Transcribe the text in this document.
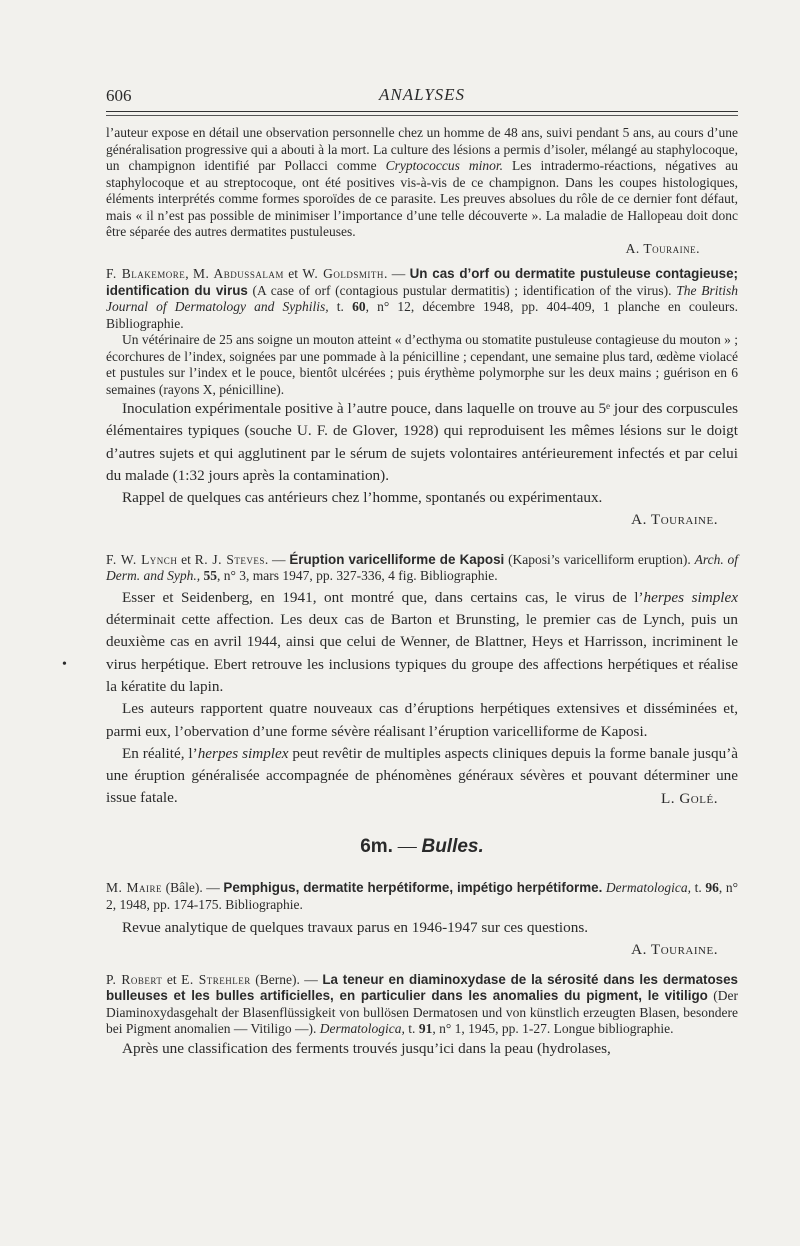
606	ANALYSES
•

l’auteur expose en détail une observation personnelle chez un homme de 48 ans, suivi pendant 5 ans, au cours d’une généralisation progressive qui a abouti à la mort. La culture des lésions a permis d’isoler, mélangé au staphylocoque, un champignon identifié par Pollacci comme Cryptococcus minor. Les intradermo-réactions, négatives au staphylocoque et au streptocoque, ont été positives vis-à-vis de ce champignon. Dans les coupes histologiques, éléments interprétés comme formes sporoïdes de ce parasite. Les preuves absolues du rôle de ce dernier font défaut, mais « il n’est pas possible de minimiser l’importance d’une telle découverte ». La maladie de Hallopeau doit donc être séparée des autres dermatites pustuleuses.

A. Touraine.

F. Blakemore, M. Abdussalam et W. Goldsmith. — Un cas d’orf ou dermatite pustuleuse contagieuse; identification du virus (A case of orf (contagious pustular dermatitis) ; identification of the virus). The British Journal of Dermatology and Syphilis, t. 60, n° 12, décembre 1948, pp. 404-409, 1 planche en couleurs. Bibliographie.

Un vétérinaire de 25 ans soigne un mouton atteint « d’ecthyma ou stomatite pustuleuse contagieuse du mouton » ; écorchures de l’index, soignées par une pommade à la pénicilline ; cependant, une semaine plus tard, œdème violacé et pustules sur l’index et le pouce, bientôt ulcérées ; puis érythème polymorphe sur les deux mains ; guérison en 6 semaines (rayons X, pénicilline).

Inoculation expérimentale positive à l’autre pouce, dans laquelle on trouve au 5ᵉ jour des corpuscules élémentaires typiques (souche U. F. de Glover, 1928) qui reproduisent les mêmes lésions sur le doigt d’autres sujets et qui agglutinent par le sérum de sujets volontaires antérieurement infectés et par celui du malade (1:32 jours après la contamination).

Rappel de quelques cas antérieurs chez l’homme, spontanés ou expérimentaux.

A. Touraine.

F. W. Lynch et R. J. Steves. — Éruption varicelliforme de Kaposi (Kaposi’s varicelliform eruption). Arch. of Derm. and Syph., 55, n° 3, mars 1947, pp. 327-336, 4 fig. Bibliographie.

Esser et Seidenberg, en 1941, ont montré que, dans certains cas, le virus de l’herpes simplex déterminait cette affection. Les deux cas de Barton et Brunsting, le premier cas de Lynch, puis un deuxième cas en avril 1944, ainsi que celui de Wenner, de Blattner, Heys et Harrisson, incriminent le virus herpétique. Ebert retrouve les inclusions typiques du groupe des affections herpétiques et réalise la kératite du lapin.

Les auteurs rapportent quatre nouveaux cas d’éruptions herpétiques extensives et disséminées et, parmi eux, l’obervation d’une forme sévère réalisant l’éruption varicelliforme de Kaposi.

En réalité, l’herpes simplex peut revêtir de multiples aspects cliniques depuis la forme banale jusqu’à une éruption généralisée accompagnée de phénomènes généraux sévères et pouvant déterminer une issue fatale.	L. Golé.
6m. — Bulles.

M. Maire (Bâle). — Pemphigus, dermatite herpétiforme, impétigo herpétiforme. Dermatologica, t. 96, n° 2, 1948, pp. 174-175. Bibliographie.

Revue analytique de quelques travaux parus en 1946-1947 sur ces questions.

A. Touraine.

P. Robert et E. Strehler (Berne). — La teneur en diaminoxydase de la sérosité dans les dermatoses bulleuses et les bulles artificielles, en particulier dans les anomalies du pigment, le vitiligo (Der Diaminoxydasgehalt der Blasenflüssigkeit von bullösen Dermatosen und von künstlich erzeugten Blasen, besondere bei Pigment anomalien — Vitiligo —). Dermatologica, t. 91, n° 1, 1945, pp. 1-27. Longue bibliographie.

Après une classification des ferments trouvés jusqu’ici dans la peau (hydrolases,
